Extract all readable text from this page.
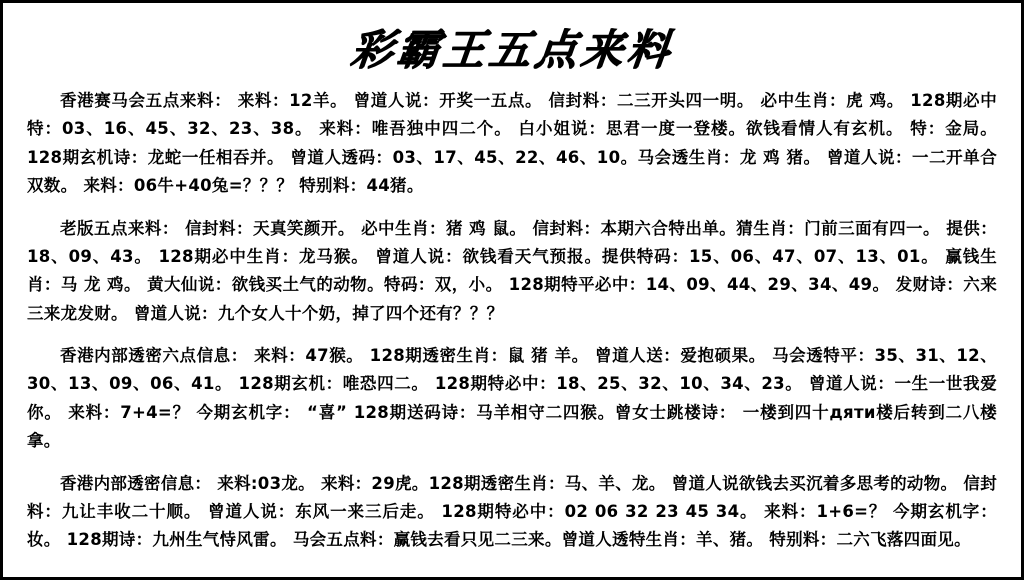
彩霸王五点来料

香港赛马会五点来料： 来料：12羊。 曾道人说：开奖一五点。 信封料：二三开头四一明。 必中生肖：虎 鸡。 128期必中特：03、16、45、32、23、38。 来料：唯吾独中四二个。 白小姐说：思君一度一登楼。欲钱看情人有玄机。 特：金局。 128期玄机诗：龙蛇一任相吞并。 曾道人透码：03、17、45、22、46、10。马会透生肖：龙 鸡 猪。 曾道人说：一二开单合双数。 来料：06牛+40兔=？？？ 特别料：44猪。

老版五点来料： 信封料：天真笑颜开。 必中生肖：猪 鸡 鼠。 信封料：本期六合特出单。猜生肖：门前三面有四一。 提供：18、09、43。 128期必中生肖：龙马猴。 曾道人说：欲钱看天气预报。提供特码：15、06、47、07、13、01。 赢钱生肖：马 龙 鸡。 黄大仙说：欲钱买土气的动物。特码：双，小。 128期特平必中：14、09、44、29、34、49。 发财诗：六来三来龙发财。 曾道人说：九个女人十个奶，掉了四个还有？？？

香港内部透密六点信息： 来料：47猴。 128期透密生肖：鼠 猪 羊。 曾道人送：爱抱硕果。 马会透特平：35、31、12、30、13、09、06、41。 128期玄机：唯恐四二。 128期特必中：18、25、32、10、34、23。 曾道人说：一生一世我爱你。 来料：7+4=？ 今期玄机字： “喜” 128期送码诗：马羊相守二四猴。曾女士跳楼诗： 一楼到四十дяти楼后转到二八楼拿。

香港内部透密信息： 来料:03龙。 来料：29虎。128期透密生肖：马、羊、龙。 曾道人说欲钱去买沉着多思考的动物。 信封料：九让丰收二十顺。 曾道人说：东风一来三后走。 128期特必中：02 06 32 23 45 34。 来料：1+6=？ 今期玄机字：妆。 128期诗：九州生气恃风雷。 马会五点料：赢钱去看只见二三来。曾道人透特生肖：羊、猪。 特别料：二六飞落四面见。
